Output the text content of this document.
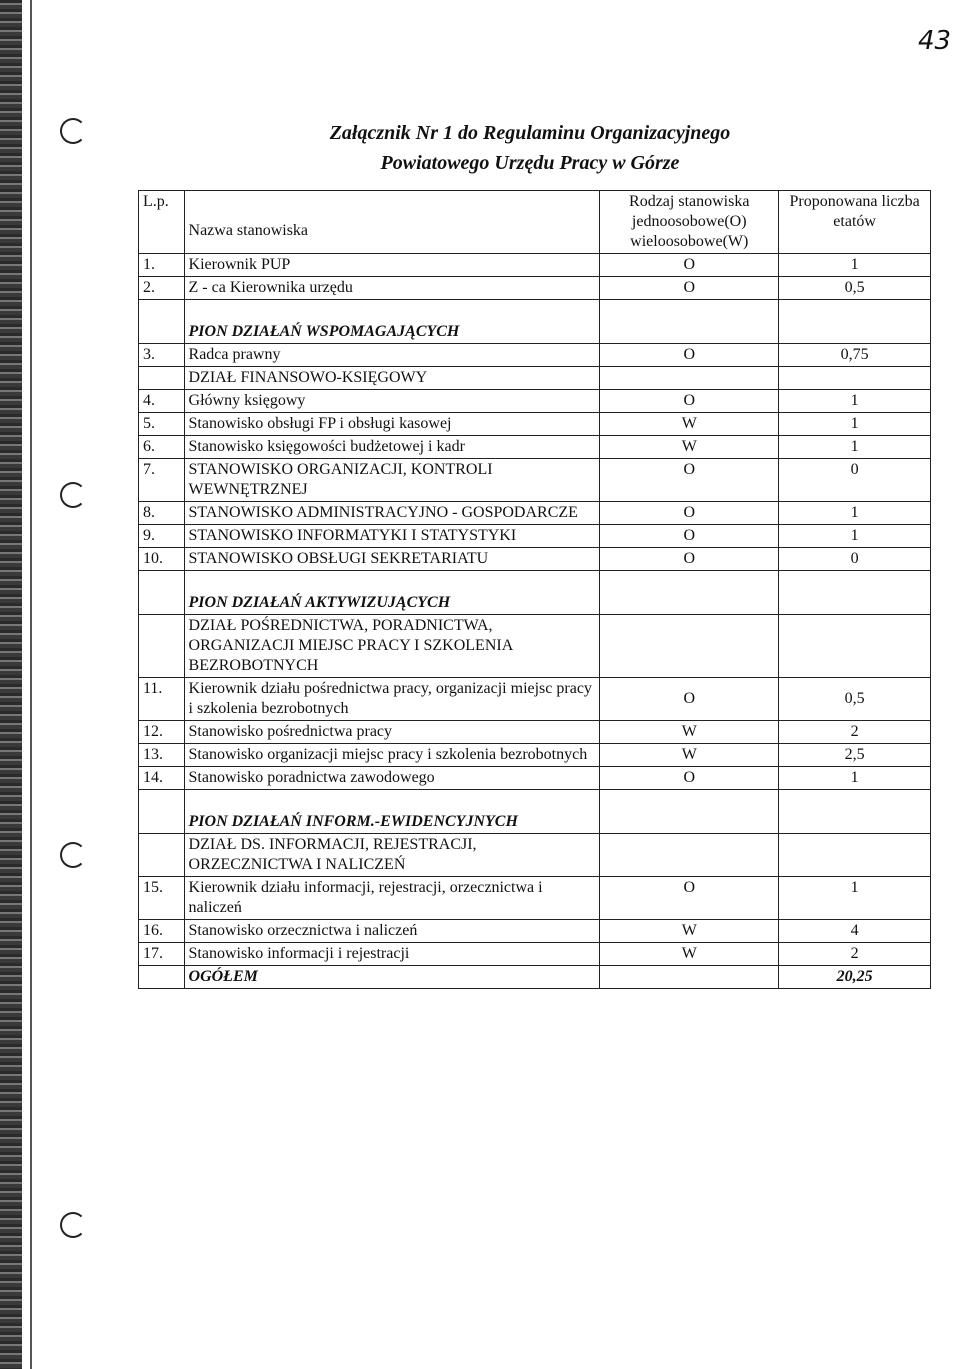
43
Załącznik Nr 1 do Regulaminu Organizacyjnego
Powiatowego Urzędu Pracy w Górze
L.p.	Nazwa stanowiska	Rodzaj stanowiska jednoosobowe(O) wieloosobowe(W)	Proponowana liczba etatów
1.	Kierownik PUP	O	1
2.	Z - ca Kierownika urzędu	O	0,5
	PION DZIAŁAŃ WSPOMAGAJĄCYCH		
3.	Radca prawny	O	0,75
	DZIAŁ FINANSOWO-KSIĘGOWY		
4.	Główny księgowy	O	1
5.	Stanowisko obsługi FP i obsługi kasowej	W	1
6.	Stanowisko księgowości budżetowej i kadr	W	1
7.	STANOWISKO ORGANIZACJI, KONTROLI WEWNĘTRZNEJ	O	0
8.	STANOWISKO ADMINISTRACYJNO - GOSPODARCZE	O	1
9.	STANOWISKO INFORMATYKI I STATYSTYKI	O	1
10.	STANOWISKO OBSŁUGI SEKRETARIATU	O	0
	PION DZIAŁAŃ AKTYWIZUJĄCYCH		
	DZIAŁ POŚREDNICTWA, PORADNICTWA, ORGANIZACJI MIEJSC PRACY I SZKOLENIA BEZROBOTNYCH		
11.	Kierownik działu pośrednictwa pracy, organizacji miejsc pracy i szkolenia bezrobotnych	O	0,5
12.	Stanowisko pośrednictwa pracy	W	2
13.	Stanowisko organizacji miejsc pracy i szkolenia bezrobotnych	W	2,5
14.	Stanowisko poradnictwa zawodowego	O	1
	PION DZIAŁAŃ INFORM.-EWIDENCYJNYCH		
	DZIAŁ DS. INFORMACJI, REJESTRACJI, ORZECZNICTWA I NALICZEŃ		
15.	Kierownik działu informacji, rejestracji, orzecznictwa i naliczeń	O	1
16.	Stanowisko orzecznictwa i naliczeń	W	4
17.	Stanowisko informacji i rejestracji	W	2
	OGÓŁEM		20,25
